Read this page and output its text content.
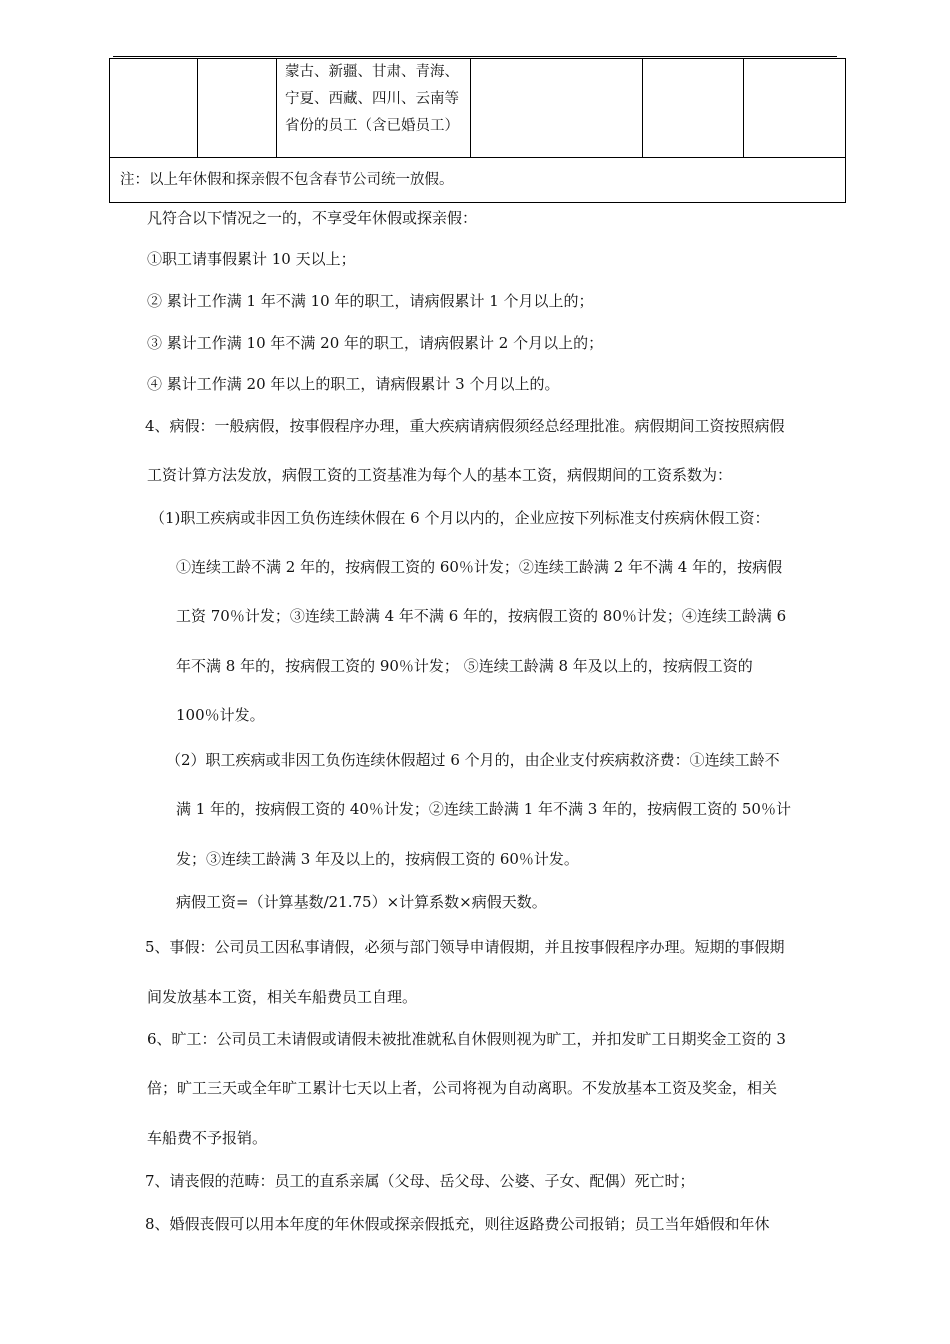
		蒙古、新疆、甘肃、青海、宁夏、西藏、四川、云南等省份的员工（含已婚员工）			
注：以上年休假和探亲假不包含春节公司统一放假。
凡符合以下情况之一的，不享受年休假或探亲假：
①职工请事假累计 10 天以上；
② 累计工作满 1 年不满 10 年的职工，请病假累计 1 个月以上的；
③ 累计工作满 10 年不满 20 年的职工，请病假累计 2 个月以上的；
④ 累计工作满 20 年以上的职工，请病假累计 3 个月以上的。
4、病假：一般病假，按事假程序办理，重大疾病请病假须经总经理批准。病假期间工资按照病假
工资计算方法发放，病假工资的工资基准为每个人的基本工资，病假期间的工资系数为：
（1)职工疾病或非因工负伤连续休假在 6 个月以内的，企业应按下列标准支付疾病休假工资：
①连续工龄不满 2 年的，按病假工资的 60％计发；②连续工龄满 2 年不满 4 年的，按病假
工资 70％计发；③连续工龄满 4 年不满 6 年的，按病假工资的 80％计发；④连续工龄满 6
年不满 8 年的，按病假工资的 90％计发； ⑤连续工龄满 8 年及以上的，按病假工资的
100％计发。
（2）职工疾病或非因工负伤连续休假超过 6 个月的，由企业支付疾病救济费：①连续工龄不
满 1 年的，按病假工资的 40％计发；②连续工龄满 1 年不满 3 年的，按病假工资的 50％计
发；③连续工龄满 3 年及以上的，按病假工资的 60％计发。
病假工资=（计算基数/21.75）×计算系数×病假天数。
5、事假：公司员工因私事请假，必须与部门领导申请假期，并且按事假程序办理。短期的事假期
间发放基本工资，相关车船费员工自理。
6、旷工：公司员工未请假或请假未被批准就私自休假则视为旷工，并扣发旷工日期奖金工资的 3
倍；旷工三天或全年旷工累计七天以上者，公司将视为自动离职。不发放基本工资及奖金，相关
车船费不予报销。
7、请丧假的范畴：员工的直系亲属（父母、岳父母、公婆、子女、配偶）死亡时；
8、婚假丧假可以用本年度的年休假或探亲假抵充，则往返路费公司报销；员工当年婚假和年休
